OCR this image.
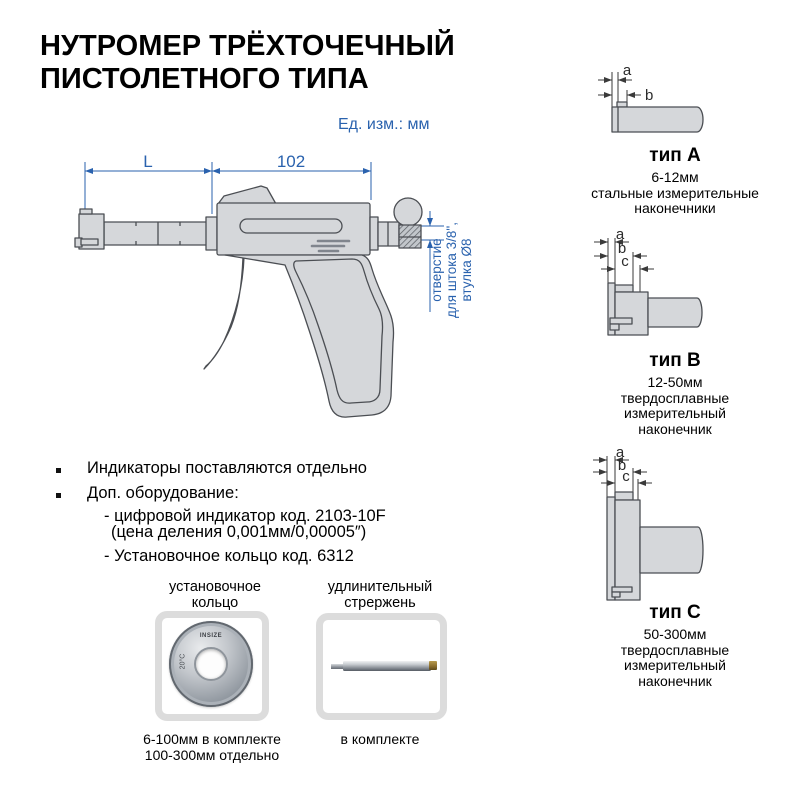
НУТРОМЕР ТРЁХТОЧЕЧНЫЙ
ПИСТОЛЕТНОГО ТИПА
Ед. изм.: мм
L	102
отверстие для штока 3/8", втулка Ø8
a
b
тип A
6-12мм
стальные измерительные
наконечники
a
b
c
тип B
12-50мм
твердосплавные
измерительный
наконечник
a
b
c
тип C
50-300мм
твердосплавные
измерительный
наконечник
Индикаторы поставляются отдельно
Доп. оборудование:
- цифровой индикатор код. 2103-10F
(цена деления 0,001мм/0,00005″)
- Установочное кольцо код. 6312
установочное
кольцо
удлинительный
стрержень
INSIZE
20°C
6-100мм в комплекте
100-300мм отдельно
в комплекте
